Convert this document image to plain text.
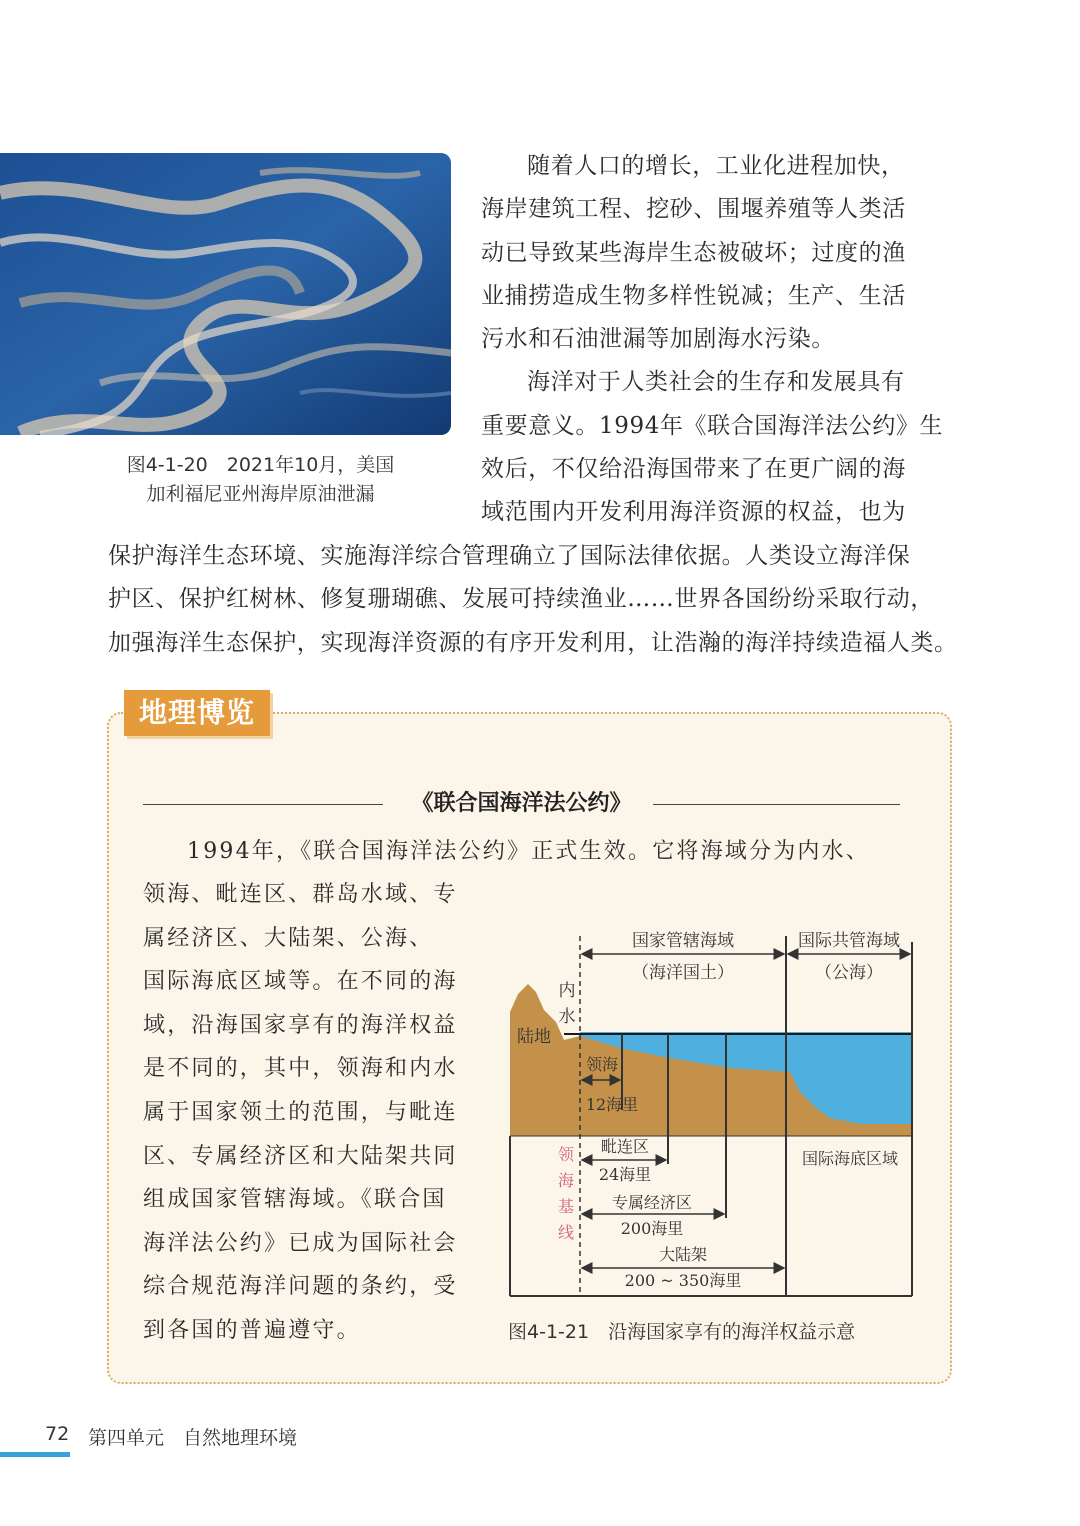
图4-1-20　2021年10月，美国
加利福尼亚州海岸原油泄漏

随着人口的增长，工业化进程加快，

海岸建筑工程、挖砂、围堰养殖等人类活

动已导致某些海岸生态被破坏；过度的渔

业捕捞造成生物多样性锐减；生产、生活

污水和石油泄漏等加剧海水污染。

海洋对于人类社会的生存和发展具有

重要意义。1994年《联合国海洋法公约》生

效后，不仅给沿海国带来了在更广阔的海

域范围内开发利用海洋资源的权益，也为

保护海洋生态环境、实施海洋综合管理确立了国际法律依据。人类设立海洋保

护区、保护红树林、修复珊瑚礁、发展可持续渔业……世界各国纷纷采取行动，

加强海洋生态保护，实现海洋资源的有序开发利用，让浩瀚的海洋持续造福人类。

地理博览
《联合国海洋法公约》

1994年，《联合国海洋法公约》正式生效。它将海域分为内水、

领海、毗连区、群岛水域、专
属经济区、大陆架、公海、
国际海底区域等。在不同的海
域，沿海国家享有的海洋权益
是不同的，其中，领海和内水
属于国家领土的范围，与毗连
区、专属经济区和大陆架共同
组成国家管辖海域。《联合国
海洋法公约》已成为国际社会
综合规范海洋问题的条约，受
到各国的普遍遵守。
国家管辖海域
（海洋国土）
国际共管海域
（公海）
内
水
陆地
领海
12海里
领
海
基
线
毗连区
24海里
专属经济区
200海里
大陆架
200 ~ 350海里
国际海底区域
图4-1-21　沿海国家享有的海洋权益示意
72 第四单元　自然地理环境
